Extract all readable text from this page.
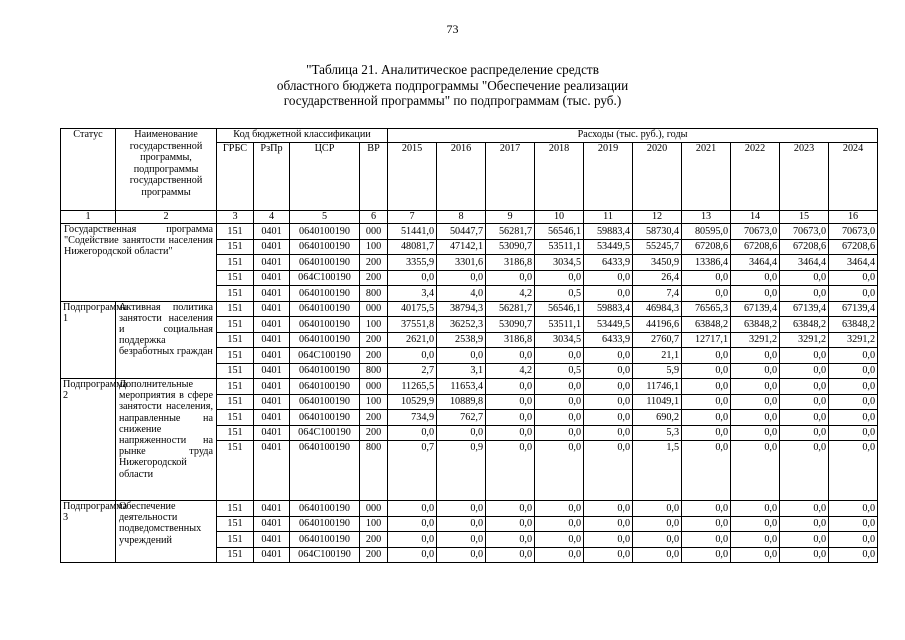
73
"Таблица 21. Аналитическое распределение средств
областного бюджета подпрограммы "Обеспечение реализации
государственной программы" по подпрограммам (тыс. руб.)
Статус	Наименование государственной программы, подпрограммы государственной программы	Код бюджетной классификации				Расходы (тыс. руб.), годы									
		ГРБС	РзПр	ЦСР	ВР	2015	2016	2017	2018	2019	2020	2021	2022	2023	2024
1	2	3	4	5	6	7	8	9	10	11	12	13	14	15	16
Государственная программа "Содействие занятости населения Нижегородской области"		151	0401	0640100190	000	51441,0	50447,7	56281,7	56546,1	59883,4	58730,4	80595,0	70673,0	70673,0	70673,0
		151	0401	0640100190	100	48081,7	47142,1	53090,7	53511,1	53449,5	55245,7	67208,6	67208,6	67208,6	67208,6
		151	0401	0640100190	200	3355,9	3301,6	3186,8	3034,5	6433,9	3450,9	13386,4	3464,4	3464,4	3464,4
		151	0401	064C100190	200	0,0	0,0	0,0	0,0	0,0	26,4	0,0	0,0	0,0	0,0
		151	0401	0640100190	800	3,4	4,0	4,2	0,5	0,0	7,4	0,0	0,0	0,0	0,0
Подпрограмма 1	Активная политика занятости населения и социальная поддержка безработных граждан	151	0401	0640100190	000	40175,5	38794,3	56281,7	56546,1	59883,4	46984,3	76565,3	67139,4	67139,4	67139,4
		151	0401	0640100190	100	37551,8	36252,3	53090,7	53511,1	53449,5	44196,6	63848,2	63848,2	63848,2	63848,2
		151	0401	0640100190	200	2621,0	2538,9	3186,8	3034,5	6433,9	2760,7	12717,1	3291,2	3291,2	3291,2
		151	0401	064C100190	200	0,0	0,0	0,0	0,0	0,0	21,1	0,0	0,0	0,0	0,0
		151	0401	0640100190	800	2,7	3,1	4,2	0,5	0,0	5,9	0,0	0,0	0,0	0,0
Подпрограмма 2	Дополнительные мероприятия в сфере занятости населения, направленные на снижение напряженности на рынке труда Нижегородской области	151	0401	0640100190	000	11265,5	11653,4	0,0	0,0	0,0	11746,1	0,0	0,0	0,0	0,0
		151	0401	0640100190	100	10529,9	10889,8	0,0	0,0	0,0	11049,1	0,0	0,0	0,0	0,0
		151	0401	0640100190	200	734,9	762,7	0,0	0,0	0,0	690,2	0,0	0,0	0,0	0,0
		151	0401	064C100190	200	0,0	0,0	0,0	0,0	0,0	5,3	0,0	0,0	0,0	0,0
		151	0401	0640100190	800	0,7	0,9	0,0	0,0	0,0	1,5	0,0	0,0	0,0	0,0
Подпрограмма 3	Обеспечение деятельности подведомственных учреждений	151	0401	0640100190	000	0,0	0,0	0,0	0,0	0,0	0,0	0,0	0,0	0,0	0,0
		151	0401	0640100190	100	0,0	0,0	0,0	0,0	0,0	0,0	0,0	0,0	0,0	0,0
		151	0401	0640100190	200	0,0	0,0	0,0	0,0	0,0	0,0	0,0	0,0	0,0	0,0
		151	0401	064C100190	200	0,0	0,0	0,0	0,0	0,0	0,0	0,0	0,0	0,0	0,0
